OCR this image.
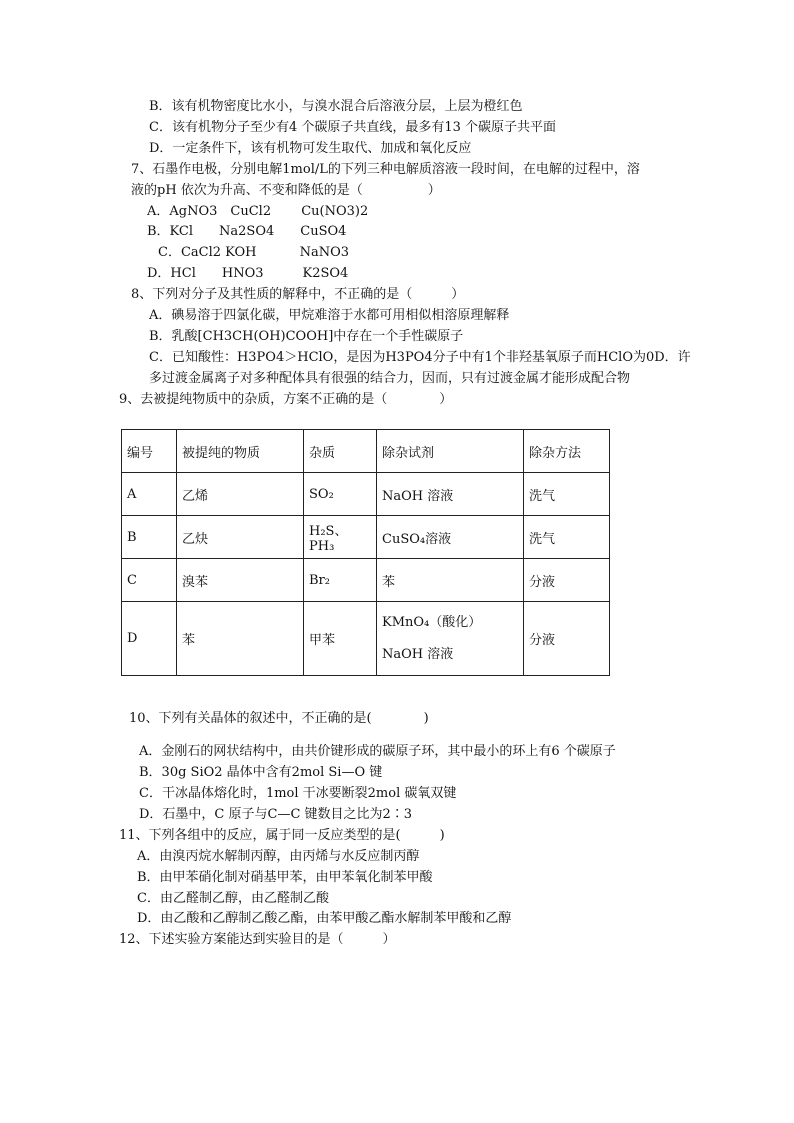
B．该有机物密度比水小，与溴水混合后溶液分层，上层为橙红色
C．该有机物分子至少有4 个碳原子共直线，最多有13 个碳原子共平面
D．一定条件下，该有机物可发生取代、加成和氧化反应
7、石墨作电极，分别电解1mol/L的下列三种电解质溶液一段时间，在电解的过程中，溶
液的pH 依次为升高、不变和降低的是（　　　　　）
A．AgNO3　CuCl2　　 Cu(NO3)2
B．KCl　　Na2SO4　　CuSO4
C．CaCl2 KOH　　　 NaNO3
D．HCl　　HNO3　　　K2SO4
8、下列对分子及其性质的解释中，不正确的是（　　　）
A．碘易溶于四氯化碳，甲烷难溶于水都可用相似相溶原理解释
B．乳酸[CH3CH(OH)COOH]中存在一个手性碳原子
C．已知酸性：H3PO4＞HClO，是因为H3PO4分子中有1个非羟基氧原子而HClO为0D．许
多过渡金属离子对多种配体具有很强的结合力，因而，只有过渡金属才能形成配合物
9、去被提纯物质中的杂质，方案不正确的是（　　　　）
编号	被提纯的物质	杂质	除杂试剂	除杂方法
A	乙烯	SO₂	NaOH 溶液	洗气
B	乙炔	H₂S、PH₃	CuSO₄溶液	洗气
C	溴苯	Br₂	苯	分液
D	苯	甲苯	KMnO₄（酸化）
NaOH 溶液	分液
10、下列有关晶体的叙述中，不正确的是(　　　　)
A．金刚石的网状结构中，由共价键形成的碳原子环，其中最小的环上有6 个碳原子
B．30g SiO2 晶体中含有2mol Si—O 键
C．干冰晶体熔化时，1mol 干冰要断裂2mol 碳氧双键
D．石墨中，C 原子与C—C 键数目之比为2∶3
11、下列各组中的反应，属于同一反应类型的是(　　　)
A．由溴丙烷水解制丙醇，由丙烯与水反应制丙醇
B．由甲苯硝化制对硝基甲苯，由甲苯氧化制苯甲酸
C．由乙醛制乙醇，由乙醛制乙酸
D．由乙酸和乙醇制乙酸乙酯，由苯甲酸乙酯水解制苯甲酸和乙醇
12、下述实验方案能达到实验目的是（　　　）
